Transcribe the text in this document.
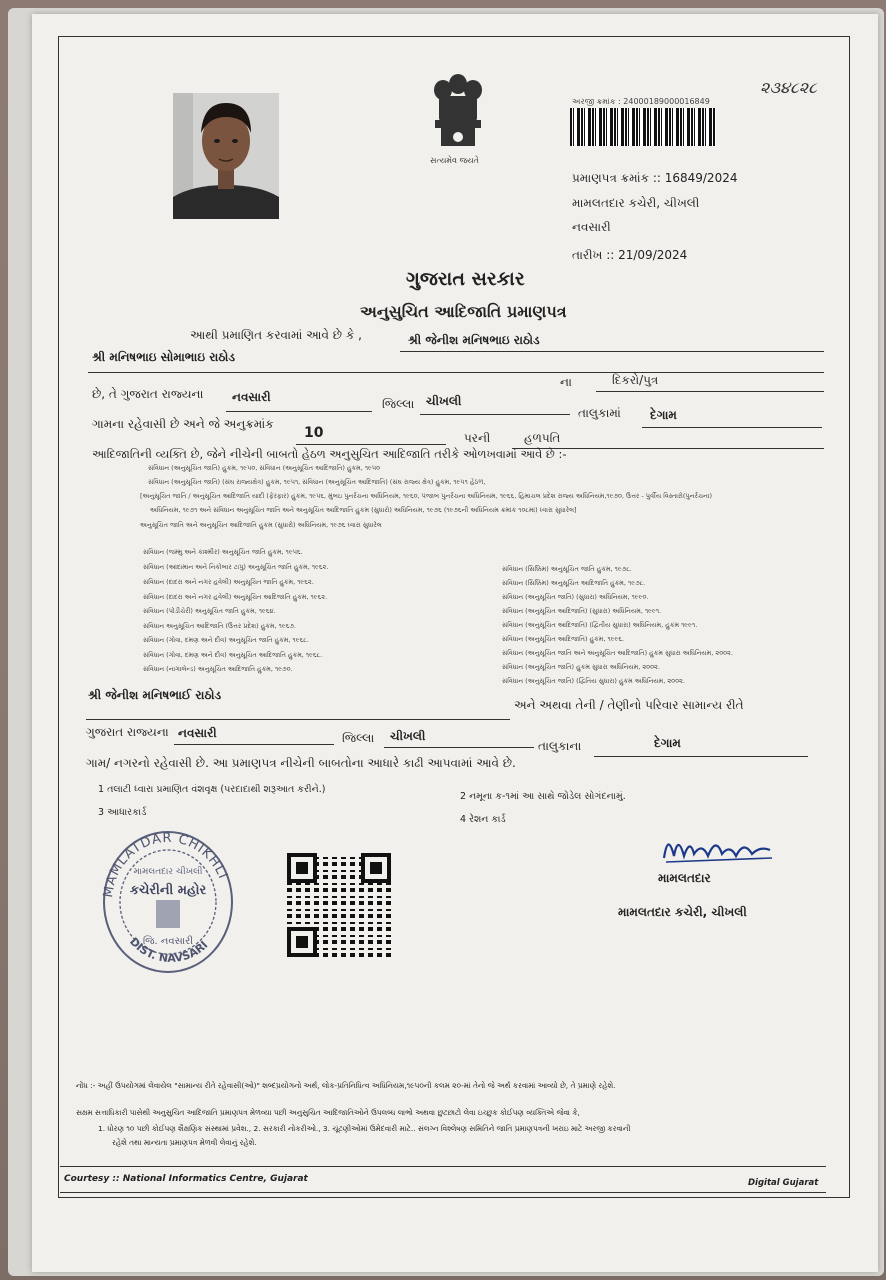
સત્યમેવ જયતે
અરજી ક્રમાંક : 24000189000016849
૨૩૪૮૨૮
પ્રમાણપત્ર ક્રમાંક :: 16849/2024
મામલતદાર કચેરી, ચીખલી
નવસારી
તારીખ :: 21/09/2024
ગુજરાત સરકાર
અનુસુચિત આદિજાતિ પ્રમાણપત્ર
આથી પ્રમાણિત કરવામાં આવે છે કે ,	શ્રી જેનીશ મનિષભાઇ રાઠોડ
શ્રી મનિષભાઇ સોમાભાઇ રાઠોડ
ના	દિકરો/પુત્ર
છે, તે ગુજરાત રાજ્યના નવસારી	જિલ્લા ચીખલી
તાલુકામાં દેગામ
ગામના રહેવાસી છે અને જે અનુક્રમાંક
10	પરની	હળપતિ
આદિજાતિની વ્યક્તિ છે, જેને નીચેની બાબતો હેઠળ અનુસુચિત આદિજાતિ તરીકે ઓળખવામાં આવે છે :-
સંવિધાન (અનુસૂચિત જાતિ) હુકમ, ૧૯૫૦, સંવિધાન (અનુસૂચિત આદિજાતિ) હુકમ, ૧૯૫૦
સંવિધાન (અનુસૂચિત જાતિ) (સંઘ રાજ્યક્ષેત્ર) હુકમ, ૧૯૫૧, સંવિધાન (અનુસૂચિત આદિજાતિ) (સંઘ રાજ્ય ક્ષેત્ર) હુકમ, ૧૯૫૧ હેઠળ,
[અનુસૂચિત જાતિ / અનુસૂચિત આદિજાતિ યાદી (ફેરફાર) હુકમ, ૧૯૫૬, મુંબઇ પુનર્રચના અધિનિયમ, ૧૯૬૦, પંજાબ પુનર્રચના અધિનિયમ, ૧૯૬૬, હિમાચલ પ્રદેશ રાજ્ય અધિનિયમ,૧૯૭૦, ઉત્તર - પુર્વીય વિસ્તારો(પુનર્રચના)
અધિનિયમ, ૧૯૭૧ અને સંવિધાન અનુસૂચિત જાતિ અને અનુસૂચિત આદિજાતિ હુકમ (સુધારો) અધિનિયમ, ૧૯૭૬ (૧૯૭૬ની અધિનિયમ ક્રમાંક ૧૦૮માં) ધ્વારા સુધારેલ]
અનુસૂચિત જાતિ અને અનુસૂચિત આદિજાતિ હુકમ (સુધારો) અધિનિયમ, ૧૯૭૬ ધ્વારા સુધારેલ
સંવિધાન (જમ્મુ અને કાશ્મીર) અનુસૂચિત જાતિ હુકમ, ૧૯૫૬.
સંવિધાન (આંદામાન અને નિકોબાર ટાપુ) અનુસૂચિત જાતિ હુકમ, ૧૯૬૨.
સંવિધાન (દાદરા અને નગર હવેલી) અનુસૂચિત જાતિ હુકમ, ૧૯૬૨.
સંવિધાન (દાદરા અને નગર હવેલી) અનુસૂચિત આદિજાતિ હુકમ, ૧૯૬૨.
સંવિધાન (પોંડીચેરી) અનુસૂચિત જાતિ હુકમ, ૧૯૬૪.
સંવિધાન અનુસૂચિત આદિજાતિ (ઉત્તર પ્રદેશ) હુકમ, ૧૯૬૭.
સંવિધાન (ગોવા, દમણ અને દીવ) અનુસૂચિત જાતિ હુકમ, ૧૯૬૮.
સંવિધાન (ગોવા, દમણ અને દીવ) અનુસૂચિત આદિજાતિ હુકમ, ૧૯૬૮.
સંવિધાન (નાગાલેન્ડ) અનુસૂચિત આદિજાતિ હુકમ, ૧૯૭૦.
સંવિધાન (સિક્કિમ) અનુસૂચિત જાતિ હુકમ, ૧૯૭૮.
સંવિધાન (સિક્કિમ) અનુસૂચિત આદિજાતિ હુકમ, ૧૯૭૮.
સંવિધાન (અનુસૂચિત જાતિ) (સુધારા) અધિનિયમ, ૧૯૯૦.
સંવિધાન (અનુસૂચિત આદિજાતિ) (સુધારા) અધિનિયમ, ૧૯૯૧.
સંવિધાન (અનુસૂચિત આદિજાતિ) (દ્વિતીય સુધારા) અધિનિયમ, હુકમ ૧૯૯૧.
સંવિધાન (અનુસૂચિત આદિજાતિ) હુકમ, ૧૯૯૬.
સંવિધાન (અનુસૂચિત જાતિ અને અનુસૂચિત આદિજાતિ) હુકમ સુધારા અધિનિયમ, ૨૦૦૨.
સંવિધાન (અનુસૂચિત જાતિ) હુકમ સુધારા અધિનિયમ, ૨૦૦૨.
સંવિધાન (અનુસૂચિત જાતિ) (દ્વિતિય સુધારા) હુકમ અધિનિયમ, ૨૦૦૨.
શ્રી જેનીશ મનિષભાઈ રાઠોડ
અને અથવા તેની / તેણીનો પરિવાર સામાન્ય રીતે
ગુજરાત રાજ્યના નવસારી	જિલ્લા ચીખલી
તાલુકાના	દેગામ
ગામ/ નગરનો રહેવાસી છે. આ પ્રમાણપત્ર નીચેની બાબતોના આધારે કાઢી આપવામાં આવે છે.
1 તલાટી ધ્વારા પ્રમાણિત વંશવૃક્ષ (પરદાદાથી શરૂઆત કરીને.)
2 નમૂના ક-૧માં આ સાથે જોડેલ સોગંદનામું.
3 આધારકાર્ડ
4 રેશન કાર્ડ
MAMLATDAR CHIKHLI
DIST. NAVSARI
મામલતદાર ચીખલી
કચેરીની મહોર
જિ. નવસારી
મામલતદાર
મામલતદાર કચેરી, ચીખલી
નોંધ :- અહીં ઉપયોગમાં લેવાયેલ "સામાન્ય રીતે રહેવાસી(ઓ)" શબ્દપ્રયોગનો અર્થ, લોક-પ્રતિનિધિત્વ અધિનિયમ,૧૯૫૦ની કલમ ૨૦-માં તેનો જે અર્થ કરવામાં આવ્યો છે, તે પ્રમાણે રહેશે.
સક્ષમ સત્તાધિકારી પાસેથી અનુસુચિત આદિજાતિ પ્રમાણપત્ર મેળવ્યા પછી અનુસુચિત આદિજાતિઓને ઉપલબ્ધ લાભો અથવા છુટછાટો લેવા ઇચ્છુક કોઈપણ વ્યક્તિએ જેવા કે,
1. ધોરણ ૧૦ પછી કોઈપણ શૈક્ષણિક સંસ્થામાં પ્રવેશ., 2. સરકારી નોકરીઓ., 3. ચૂંટણીઓમાં ઉમેદવારી માટે.. સંલગ્ન વિશ્લેષણ સમિતિને જાતિ પ્રમાણપત્રની ખરાઇ માટે અરજી કરવાની
રહેશે તથા માન્યતા પ્રમાણપત્ર મેળવી લેવાનું રહેશે.
Courtesy :: National Informatics Centre, Gujarat	Digital Gujarat
